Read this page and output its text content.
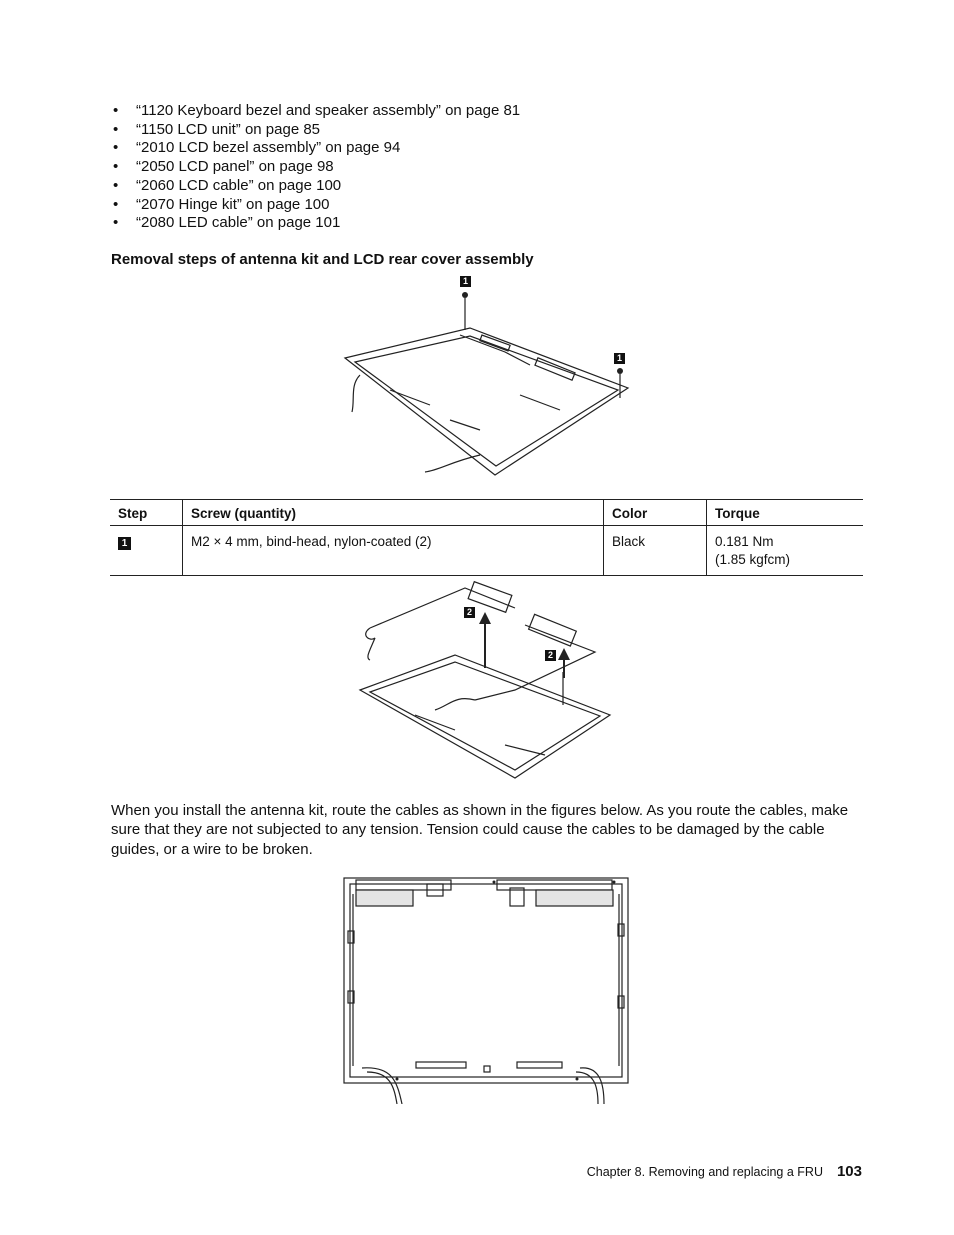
• “1120 Keyboard bezel and speaker assembly” on page 81
• “1150 LCD unit” on page 85
• “2010 LCD bezel assembly” on page 94
• “2050 LCD panel” on page 98
• “2060 LCD cable” on page 100
• “2070 Hinge kit” on page 100
• “2080 LED cable” on page 101
Removal steps of antenna kit and LCD rear cover assembly
1
1
Step	Screw (quantity)	Color	Torque
1	M2 × 4 mm, bind-head, nylon-coated (2)	Black	0.181 Nm
(1.85 kgfcm)
2
2

When you install the antenna kit, route the cables as shown in the figures below. As you route the cables, make sure that they are not subjected to any tension. Tension could cause the cables to be damaged by the cable guides, or a wire to be broken.

Chapter 8. Removing and replacing a FRU 103
